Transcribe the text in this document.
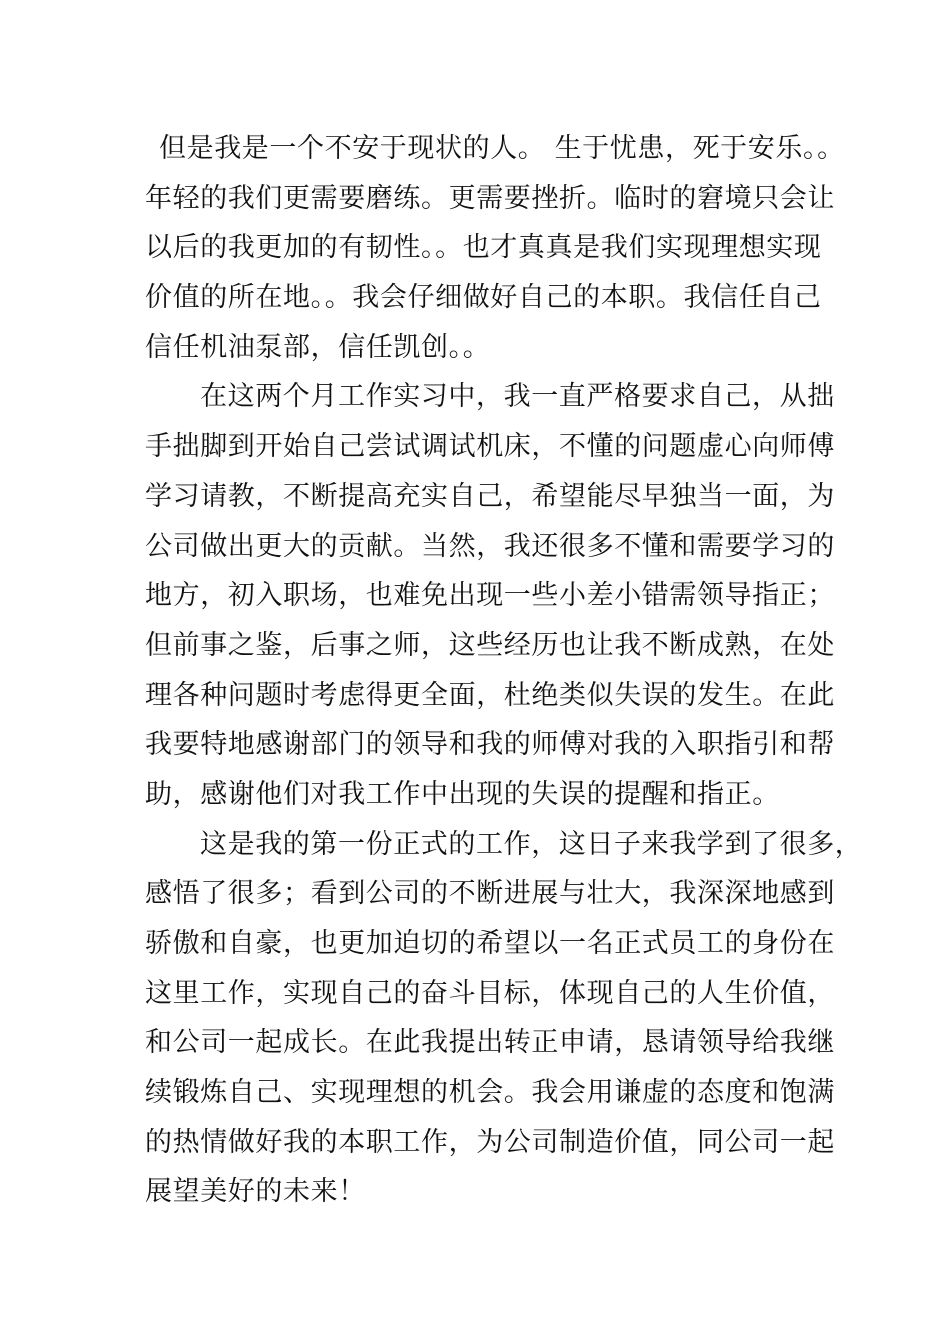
但是我是一个不安于现状的人。 生于忧患，死于安乐。。
年轻的我们更需要磨练。更需要挫折。临时的窘境只会让
以后的我更加的有韧性。。也才真真是我们实现理想实现
价值的所在地。。我会仔细做好自己的本职。我信任自己
信任机油泵部，信任凯创。。
在这两个月工作实习中，我一直严格要求自己，从拙
手拙脚到开始自己尝试调试机床，不懂的问题虚心向师傅
学习请教，不断提高充实自己，希望能尽早独当一面，为
公司做出更大的贡献。当然，我还很多不懂和需要学习的
地方，初入职场，也难免出现一些小差小错需领导指正；
但前事之鉴，后事之师，这些经历也让我不断成熟，在处
理各种问题时考虑得更全面，杜绝类似失误的发生。在此
我要特地感谢部门的领导和我的师傅对我的入职指引和帮
助，感谢他们对我工作中出现的失误的提醒和指正。
这是我的第一份正式的工作，这日子来我学到了很多，
感悟了很多；看到公司的不断进展与壮大，我深深地感到
骄傲和自豪，也更加迫切的希望以一名正式员工的身份在
这里工作，实现自己的奋斗目标，体现自己的人生价值，
和公司一起成长。在此我提出转正申请，恳请领导给我继
续锻炼自己、实现理想的机会。我会用谦虚的态度和饱满
的热情做好我的本职工作，为公司制造价值，同公司一起
展望美好的未来！
